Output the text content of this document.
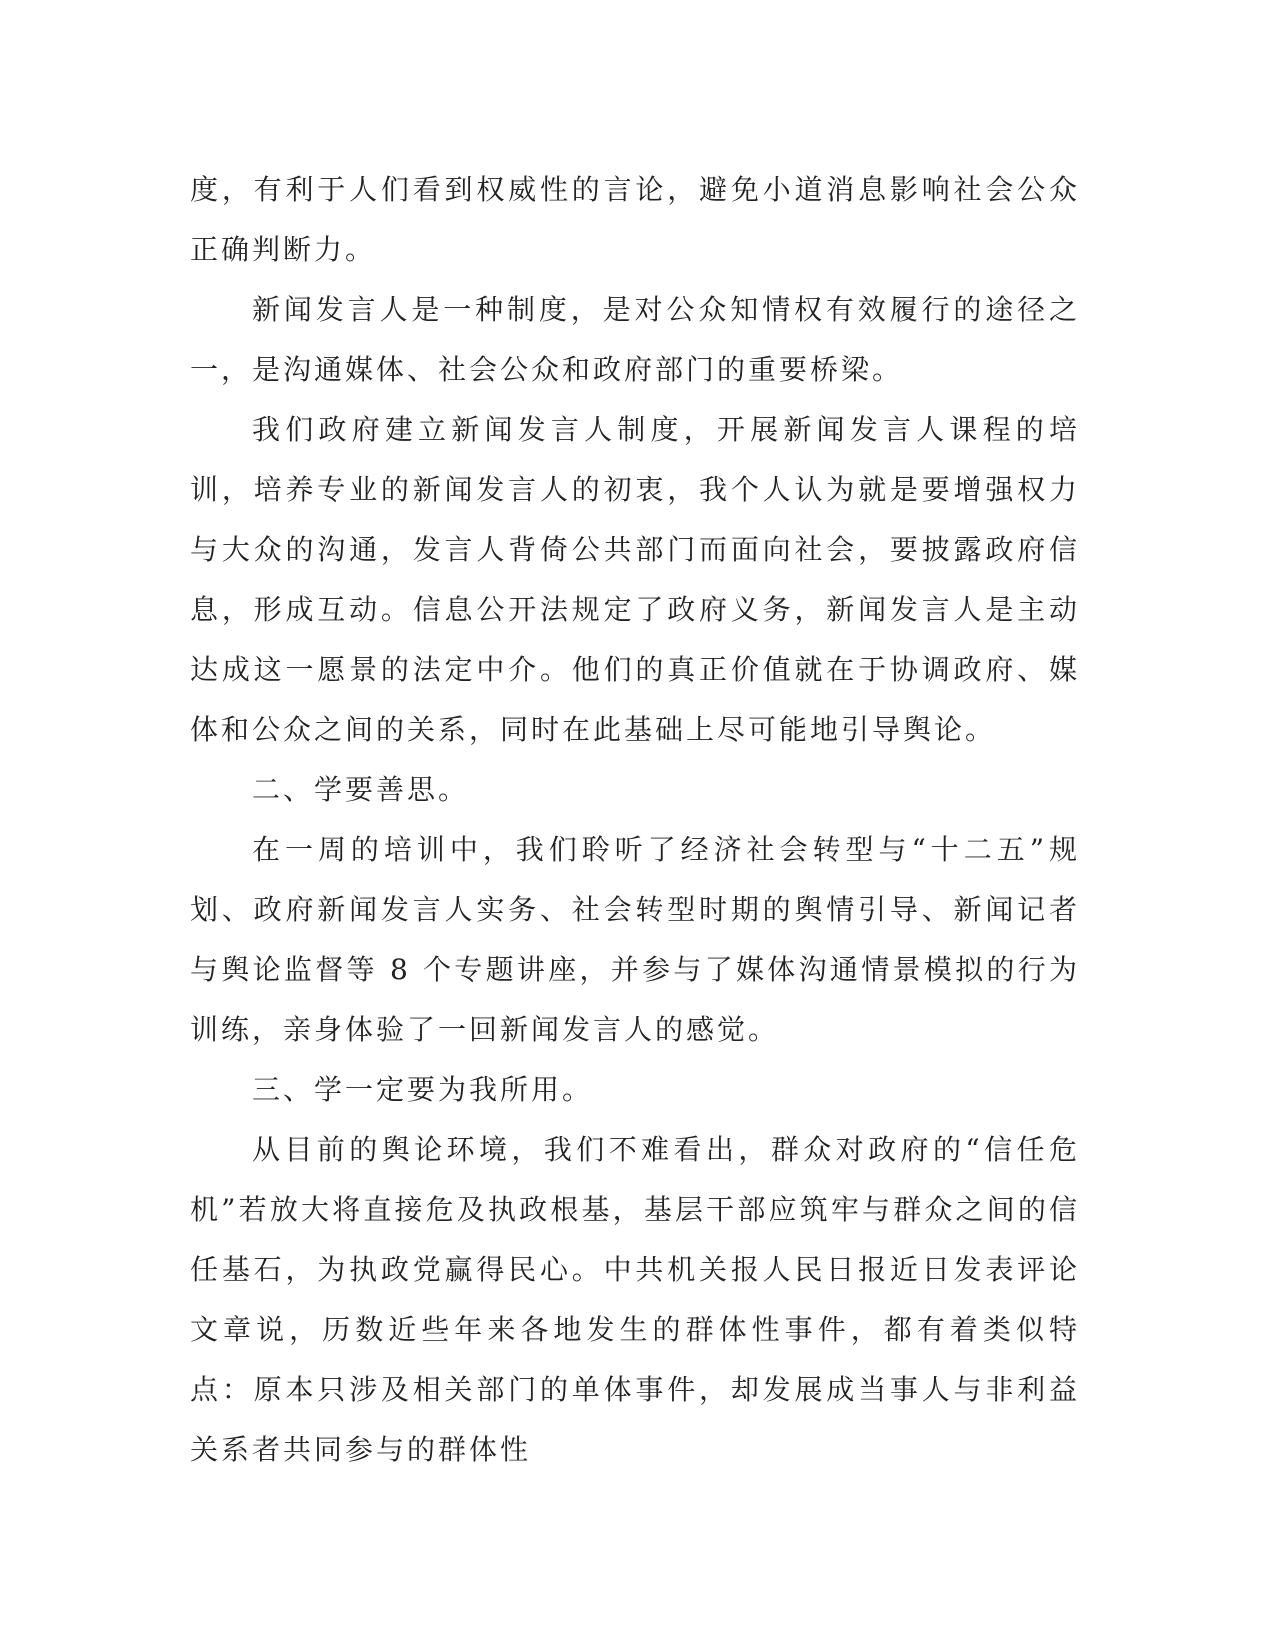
度，有利于人们看到权威性的言论，避免小道消息影响社会公众正确判断力。

新闻发言人是一种制度，是对公众知情权有效履行的途径之一，是沟通媒体、社会公众和政府部门的重要桥梁。

我们政府建立新闻发言人制度，开展新闻发言人课程的培训，培养专业的新闻发言人的初衷，我个人认为就是要增强权力与大众的沟通，发言人背倚公共部门而面向社会，要披露政府信息，形成互动。信息公开法规定了政府义务，新闻发言人是主动达成这一愿景的法定中介。他们的真正价值就在于协调政府、媒体和公众之间的关系，同时在此基础上尽可能地引导舆论。

二、学要善思。

在一周的培训中，我们聆听了经济社会转型与“十二五”规划、政府新闻发言人实务、社会转型时期的舆情引导、新闻记者与舆论监督等 8 个专题讲座，并参与了媒体沟通情景模拟的行为训练，亲身体验了一回新闻发言人的感觉。

三、学一定要为我所用。

从目前的舆论环境，我们不难看出，群众对政府的“信任危机”若放大将直接危及执政根基，基层干部应筑牢与群众之间的信任基石，为执政党赢得民心。中共机关报人民日报近日发表评论文章说，历数近些年来各地发生的群体性事件，都有着类似特点：原本只涉及相关部门的单体事件，却发展成当事人与非利益关系者共同参与的群体性
